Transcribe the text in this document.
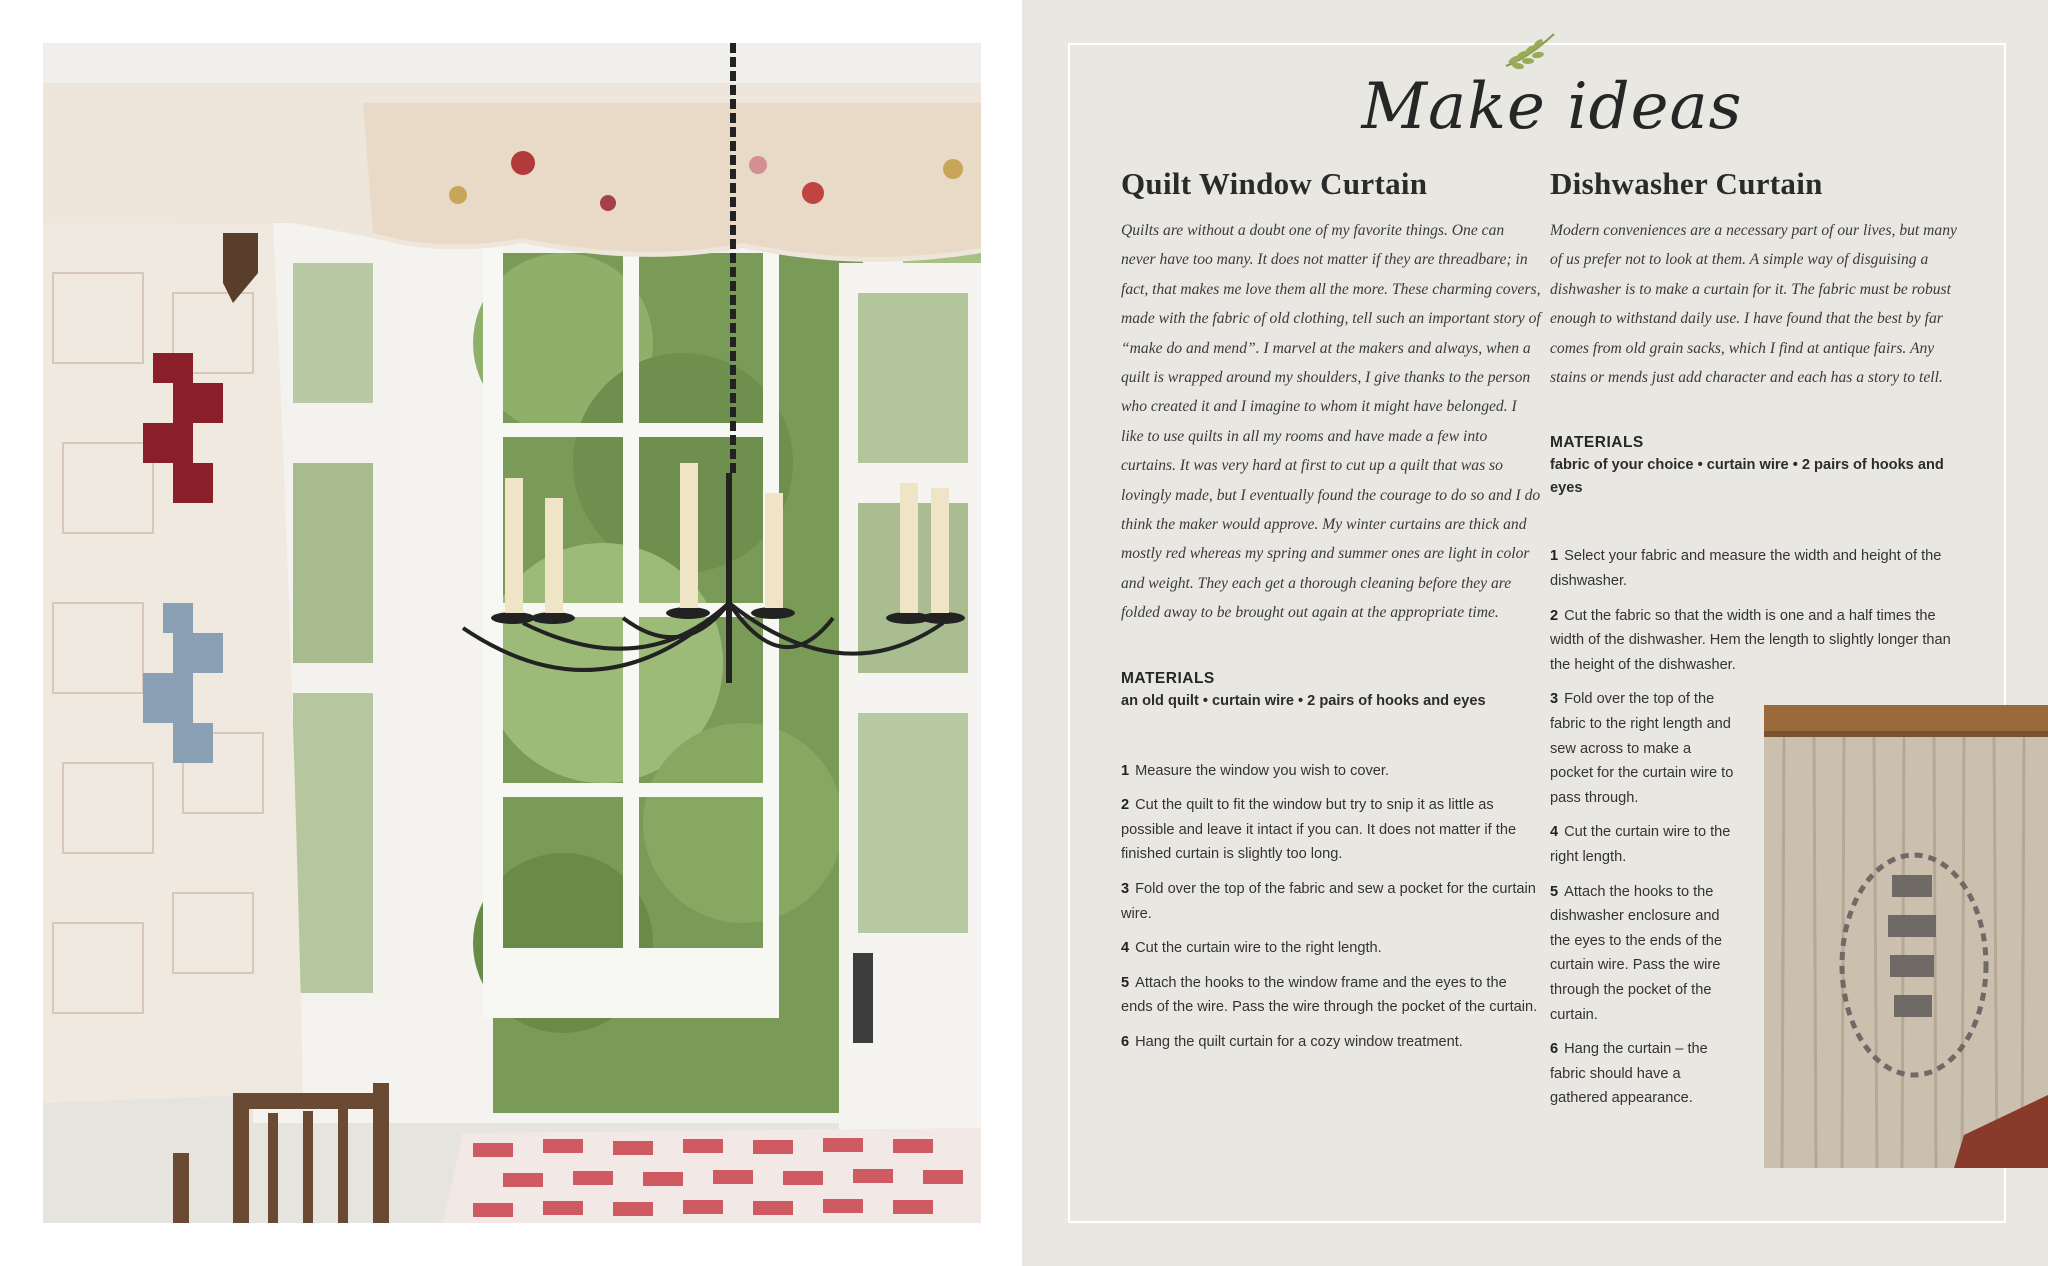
Make ideas
Quilt Window Curtain

Quilts are without a doubt one of my favorite things. One can never have too many. It does not matter if they are threadbare; in fact, that makes me love them all the more. These charming covers, made with the fabric of old clothing, tell such an important story of “make do and mend”. I marvel at the makers and always, when a quilt is wrapped around my shoulders, I give thanks to the person who created it and I imagine to whom it might have belonged. I like to use quilts in all my rooms and have made a few into curtains. It was very hard at first to cut up a quilt that was so lovingly made, but I eventually found the courage to do so and I do think the maker would approve. My winter curtains are thick and mostly red whereas my spring and summer ones are light in color and weight. They each get a thorough cleaning before they are folded away to be brought out again at the appropriate time.

MATERIALS
an old quilt • curtain wire • 2 pairs of hooks and eyes
1 Measure the window you wish to cover.
2 Cut the quilt to fit the window but try to snip it as little as possible and leave it intact if you can. It does not matter if the finished curtain is slightly too long.
3 Fold over the top of the fabric and sew a pocket for the curtain wire.
4 Cut the curtain wire to the right length.
5 Attach the hooks to the window frame and the eyes to the ends of the wire. Pass the wire through the pocket of the curtain.
6 Hang the quilt curtain for a cozy window treatment.
Dishwasher Curtain

Modern conveniences are a necessary part of our lives, but many of us prefer not to look at them. A simple way of disguising a dishwasher is to make a curtain for it. The fabric must be robust enough to withstand daily use. I have found that the best by far comes from old grain sacks, which I find at antique fairs. Any stains or mends just add character and each has a story to tell.

MATERIALS
fabric of your choice • curtain wire • 2 pairs of hooks and eyes
1 Select your fabric and measure the width and height of the dishwasher.
2 Cut the fabric so that the width is one and a half times the width of the dishwasher. Hem the length to slightly longer than the height of the dishwasher.
3 Fold over the top of the fabric to the right length and sew across to make a pocket for the curtain wire to pass through.
4 Cut the curtain wire to the right length.
5 Attach the hooks to the dishwasher enclosure and the eyes to the ends of the curtain wire. Pass the wire through the pocket of the curtain.
6 Hang the curtain – the fabric should have a gathered appearance.
